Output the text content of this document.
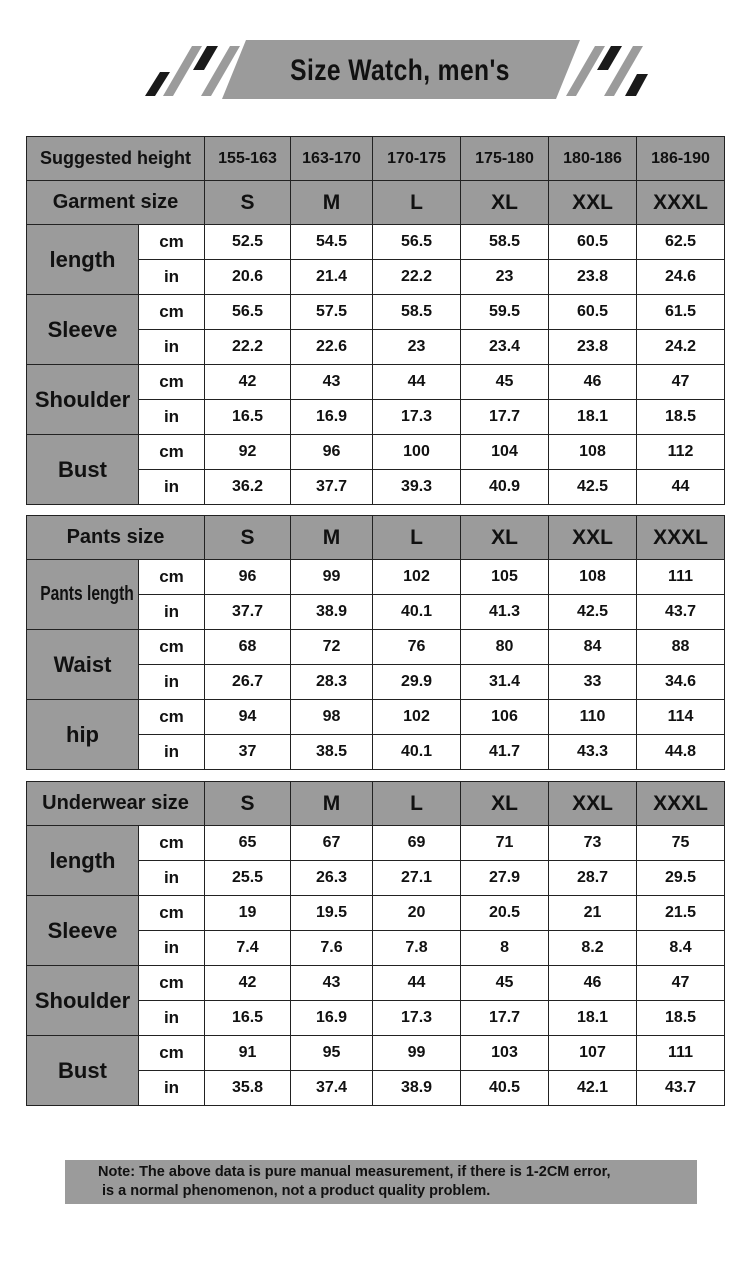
Size Watch, men's
Suggested height		155-163	163-170	170-175	175-180	180-186	186-190
Garment size		S	M	L	XL	XXL	XXXL
length	cm	52.5	54.5	56.5	58.5	60.5	62.5
	in	20.6	21.4	22.2	23	23.8	24.6
Sleeve	cm	56.5	57.5	58.5	59.5	60.5	61.5
	in	22.2	22.6	23	23.4	23.8	24.2
Shoulder	cm	42	43	44	45	46	47
	in	16.5	16.9	17.3	17.7	18.1	18.5
Bust	cm	92	96	100	104	108	112
	in	36.2	37.7	39.3	40.9	42.5	44
Pants size		S	M	L	XL	XXL	XXXL
Pants length	cm	96	99	102	105	108	111
	in	37.7	38.9	40.1	41.3	42.5	43.7
Waist	cm	68	72	76	80	84	88
	in	26.7	28.3	29.9	31.4	33	34.6
hip	cm	94	98	102	106	110	114
	in	37	38.5	40.1	41.7	43.3	44.8
Underwear size		S	M	L	XL	XXL	XXXL
length	cm	65	67	69	71	73	75
	in	25.5	26.3	27.1	27.9	28.7	29.5
Sleeve	cm	19	19.5	20	20.5	21	21.5
	in	7.4	7.6	7.8	8	8.2	8.4
Shoulder	cm	42	43	44	45	46	47
	in	16.5	16.9	17.3	17.7	18.1	18.5
Bust	cm	91	95	99	103	107	111
	in	35.8	37.4	38.9	40.5	42.1	43.7
Note: The above data is pure manual measurement, if there is 1-2CM error,
is a normal phenomenon, not a product quality problem.
